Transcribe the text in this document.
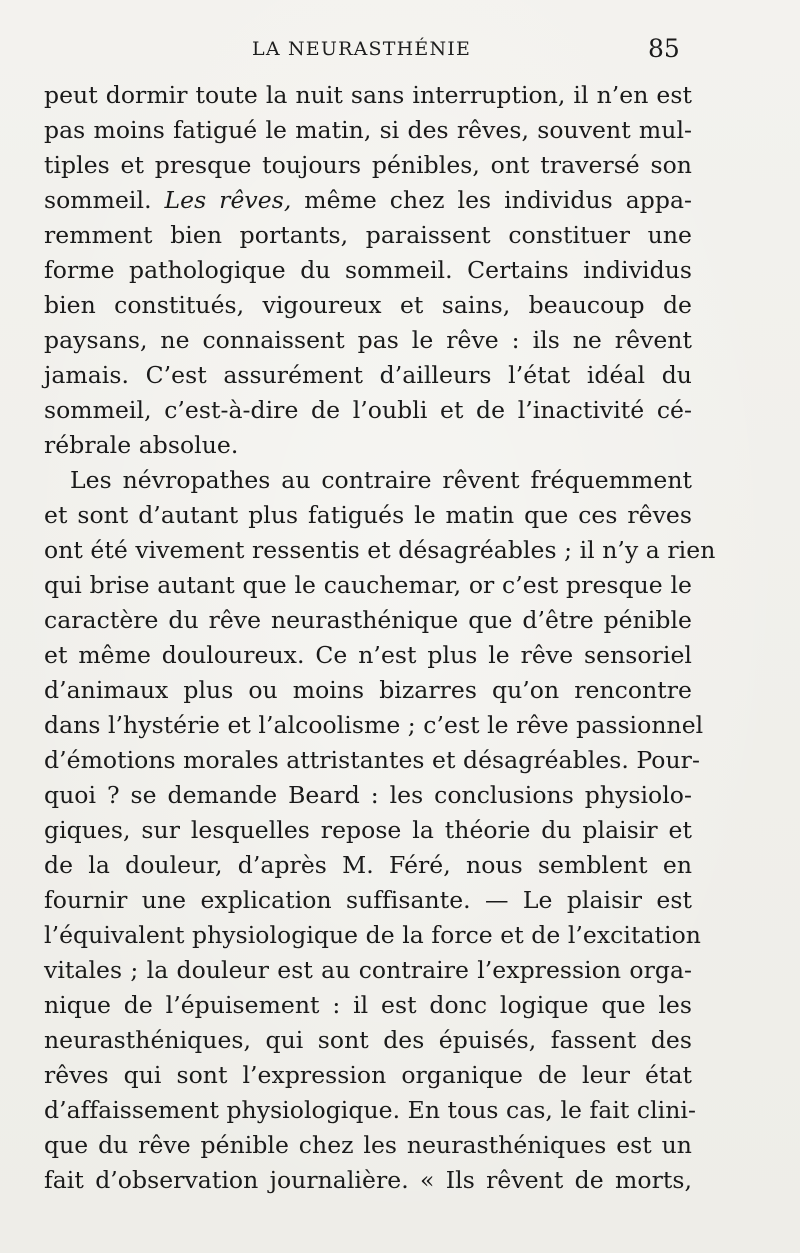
LA NEURASTHÉNIE	85
peut dormir toute la nuit sans interruption, il n’en est
pas moins fatigué le matin, si des rêves, souvent mul-
tiples et presque toujours pénibles, ont traversé son
sommeil. Les rêves, même chez les individus appa-
remment bien portants, paraissent constituer une
forme pathologique du sommeil. Certains individus
bien constitués, vigoureux et sains, beaucoup de
paysans, ne connaissent pas le rêve : ils ne rêvent
jamais. C’est assurément d’ailleurs l’état idéal du
sommeil, c’est-à-dire de l’oubli et de l’inactivité cé-
rébrale absolue.
Les névropathes au contraire rêvent fréquemment
et sont d’autant plus fatigués le matin que ces rêves
ont été vivement ressentis et désagréables ; il n’y a rien
qui brise autant que le cauchemar, or c’est presque le
caractère du rêve neurasthénique que d’être pénible
et même douloureux. Ce n’est plus le rêve sensoriel
d’animaux plus ou moins bizarres qu’on rencontre
dans l’hystérie et l’alcoolisme ; c’est le rêve passionnel
d’émotions morales attristantes et désagréables. Pour-
quoi ? se demande Beard : les conclusions physiolo-
giques, sur lesquelles repose la théorie du plaisir et
de la douleur, d’après M. Féré, nous semblent en
fournir une explication suffisante. — Le plaisir est
l’équivalent physiologique de la force et de l’excitation
vitales ; la douleur est au contraire l’expression orga-
nique de l’épuisement : il est donc logique que les
neurasthéniques, qui sont des épuisés, fassent des
rêves qui sont l’expression organique de leur état
d’affaissement physiologique. En tous cas, le fait clini-
que du rêve pénible chez les neurasthéniques est un
fait d’observation journalière. « Ils rêvent de morts,
